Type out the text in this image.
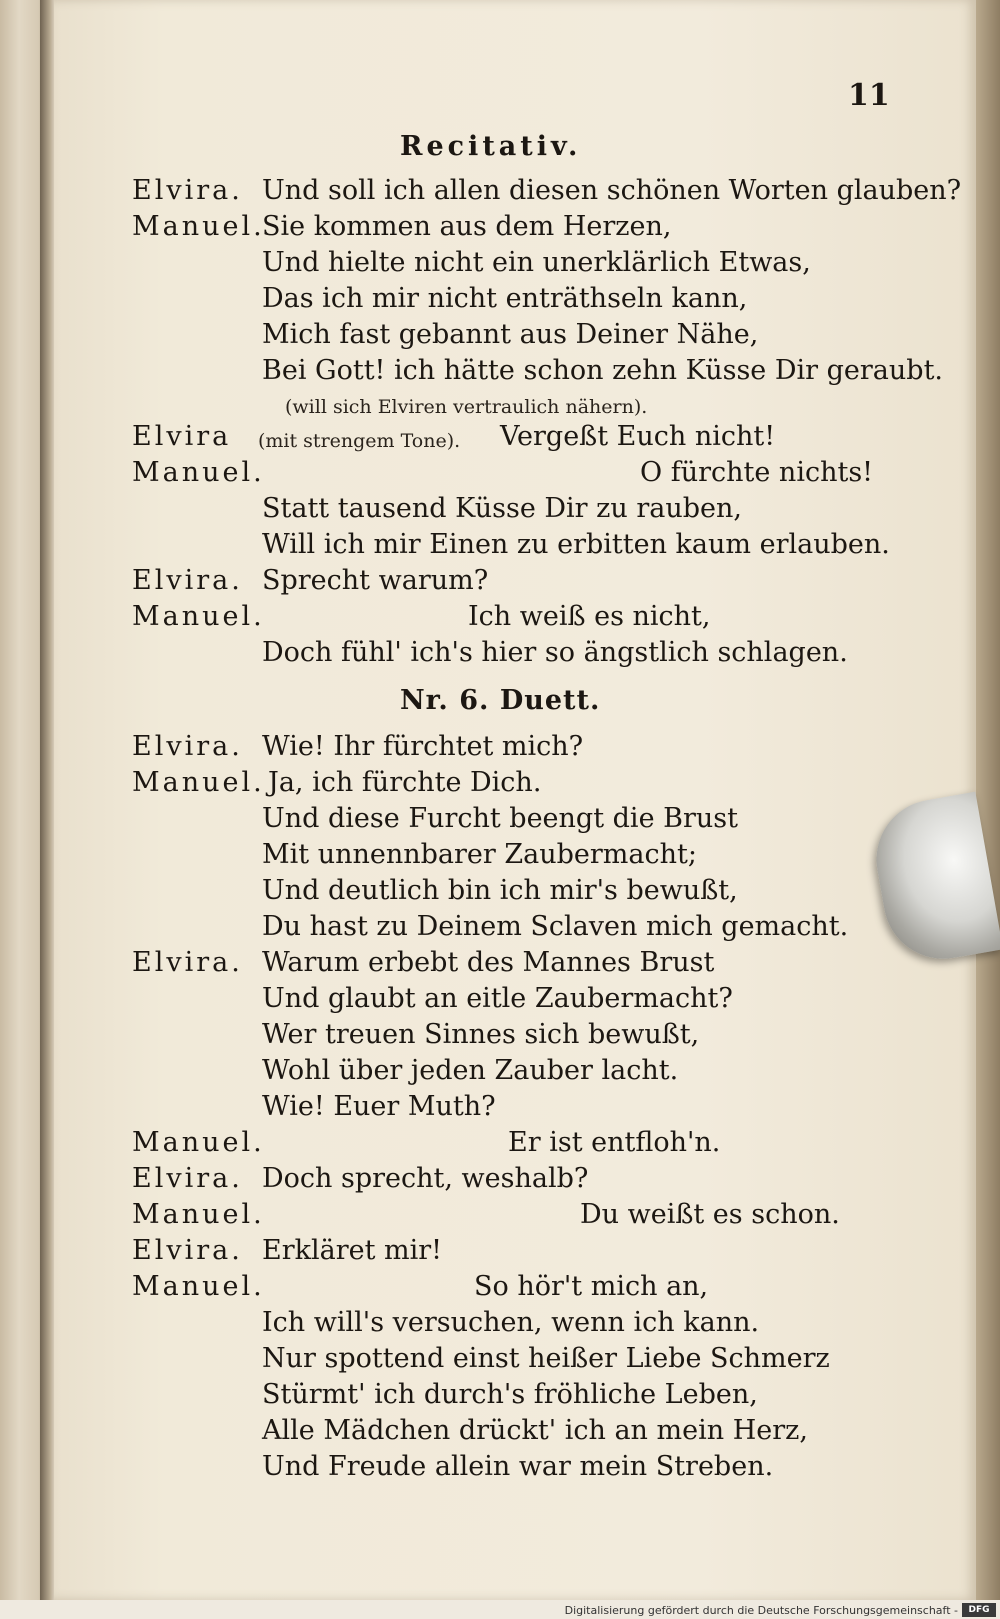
11
Recitativ.
Elvira. Und soll ich allen diesen schönen Worten glauben?
Manuel.
Sie kommen aus dem Herzen,
Und hielte nicht ein unerklärlich Etwas,
Das ich mir nicht enträthseln kann,
Mich fast gebannt aus Deiner Nähe,
Bei Gott! ich hätte schon zehn Küsse Dir geraubt.
(will sich Elviren vertraulich nähern).
Elvira (mit strengem Tone). Vergeßt Euch nicht!
Manuel.	O fürchte nichts!
Statt tausend Küsse Dir zu rauben,
Will ich mir Einen zu erbitten kaum erlauben.
Elvira. Sprecht warum?
Manuel.	Ich weiß es nicht,
Doch fühl' ich's hier so ängstlich schlagen.
Nr. 6. Duett.
Elvira. Wie! Ihr fürchtet mich?
Manuel. Ja, ich fürchte Dich.
Und diese Furcht beengt die Brust
Mit unnennbarer Zaubermacht;
Und deutlich bin ich mir's bewußt,
Du hast zu Deinem Sclaven mich gemacht.
Elvira. Warum erbebt des Mannes Brust
Und glaubt an eitle Zaubermacht?
Wer treuen Sinnes sich bewußt,
Wohl über jeden Zauber lacht.
Wie! Euer Muth?
Manuel.	Er ist entfloh'n.
Elvira. Doch sprecht, weshalb?
Manuel.	Du weißt es schon.
Elvira. Erkläret mir!
Manuel.	So hör't mich an,
Ich will's versuchen, wenn ich kann.
Nur spottend einst heißer Liebe Schmerz
Stürmt' ich durch's fröhliche Leben,
Alle Mädchen drückt' ich an mein Herz,
Und Freude allein war mein Streben.
Digitalisierung gefördert durch die Deutsche Forschungsgemeinschaft -	DFG
